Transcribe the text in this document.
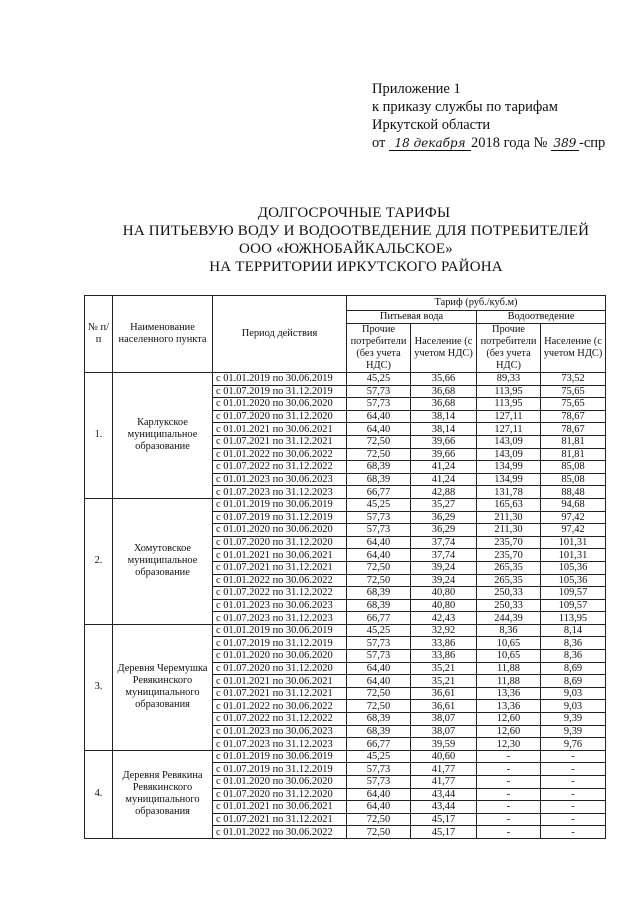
Приложение 1
к приказу службы по тарифам
Иркутской области
от 18 декабря 2018 года № 389 -спр
ДОЛГОСРОЧНЫЕ ТАРИФЫ
НА ПИТЬЕВУЮ ВОДУ И ВОДООТВЕДЕНИЕ ДЛЯ ПОТРЕБИТЕЛЕЙ
ООО «ЮЖНОБАЙКАЛЬСКОЕ»
НА ТЕРРИТОРИИ ИРКУТСКОГО РАЙОНА
№ п/п	Наименование населенного пункта	Период действия	Тариф (руб./куб.м)			
			Питьевая вода		Водоотведение	
			Прочие потребители (без учета НДС)	Население (с учетом НДС)	Прочие потребители (без учета НДС)	Население (с учетом НДС)
1.	Карлукское муниципальное образование	с 01.01.2019 по 30.06.2019	45,25	35,66	89,33	73,52
		с 01.07.2019 по 31.12.2019	57,73	36,68	113,95	75,65
		с 01.01.2020 по 30.06.2020	57,73	36,68	113,95	75,65
		с 01.07.2020 по 31.12.2020	64,40	38,14	127,11	78,67
		с 01.01.2021 по 30.06.2021	64,40	38,14	127,11	78,67
		с 01.07.2021 по 31.12.2021	72,50	39,66	143,09	81,81
		с 01.01.2022 по 30.06.2022	72,50	39,66	143,09	81,81
		с 01.07.2022 по 31.12.2022	68,39	41,24	134,99	85,08
		с 01.01.2023 по 30.06.2023	68,39	41,24	134,99	85,08
		с 01.07.2023 по 31.12.2023	66,77	42,88	131,78	88,48
2.	Хомутовское муниципальное образование	с 01.01.2019 по 30.06.2019	45,25	35,27	165,63	94,68
		с 01.07.2019 по 31.12.2019	57,73	36,29	211,30	97,42
		с 01.01.2020 по 30.06.2020	57,73	36,29	211,30	97,42
		с 01.07.2020 по 31.12.2020	64,40	37,74	235,70	101,31
		с 01.01.2021 по 30.06.2021	64,40	37,74	235,70	101,31
		с 01.07.2021 по 31.12.2021	72,50	39,24	265,35	105,36
		с 01.01.2022 по 30.06.2022	72,50	39,24	265,35	105,36
		с 01.07.2022 по 31.12.2022	68,39	40,80	250,33	109,57
		с 01.01.2023 по 30.06.2023	68,39	40,80	250,33	109,57
		с 01.07.2023 по 31.12.2023	66,77	42,43	244,39	113,95
3.	Деревня Черемушка Ревякинского муниципального образования	с 01.01.2019 по 30.06.2019	45,25	32,92	8,36	8,14
		с 01.07.2019 по 31.12.2019	57,73	33,86	10,65	8,36
		с 01.01.2020 по 30.06.2020	57,73	33,86	10,65	8,36
		с 01.07.2020 по 31.12.2020	64,40	35,21	11,88	8,69
		с 01.01.2021 по 30.06.2021	64,40	35,21	11,88	8,69
		с 01.07.2021 по 31.12.2021	72,50	36,61	13,36	9,03
		с 01.01.2022 по 30.06.2022	72,50	36,61	13,36	9,03
		с 01.07.2022 по 31.12.2022	68,39	38,07	12,60	9,39
		с 01.01.2023 по 30.06.2023	68,39	38,07	12,60	9,39
		с 01.07.2023 по 31.12.2023	66,77	39,59	12,30	9,76
4.	Деревня Ревякина Ревякинского муниципального образования	с 01.01.2019 по 30.06.2019	45,25	40,60	-	-
		с 01.07.2019 по 31.12.2019	57,73	41,77	-	-
		с 01.01.2020 по 30.06.2020	57,73	41,77	-	-
		с 01.07.2020 по 31.12.2020	64,40	43,44	-	-
		с 01.01.2021 по 30.06.2021	64,40	43,44	-	-
		с 01.07.2021 по 31.12.2021	72,50	45,17	-	-
		с 01.01.2022 по 30.06.2022	72,50	45,17	-	-
